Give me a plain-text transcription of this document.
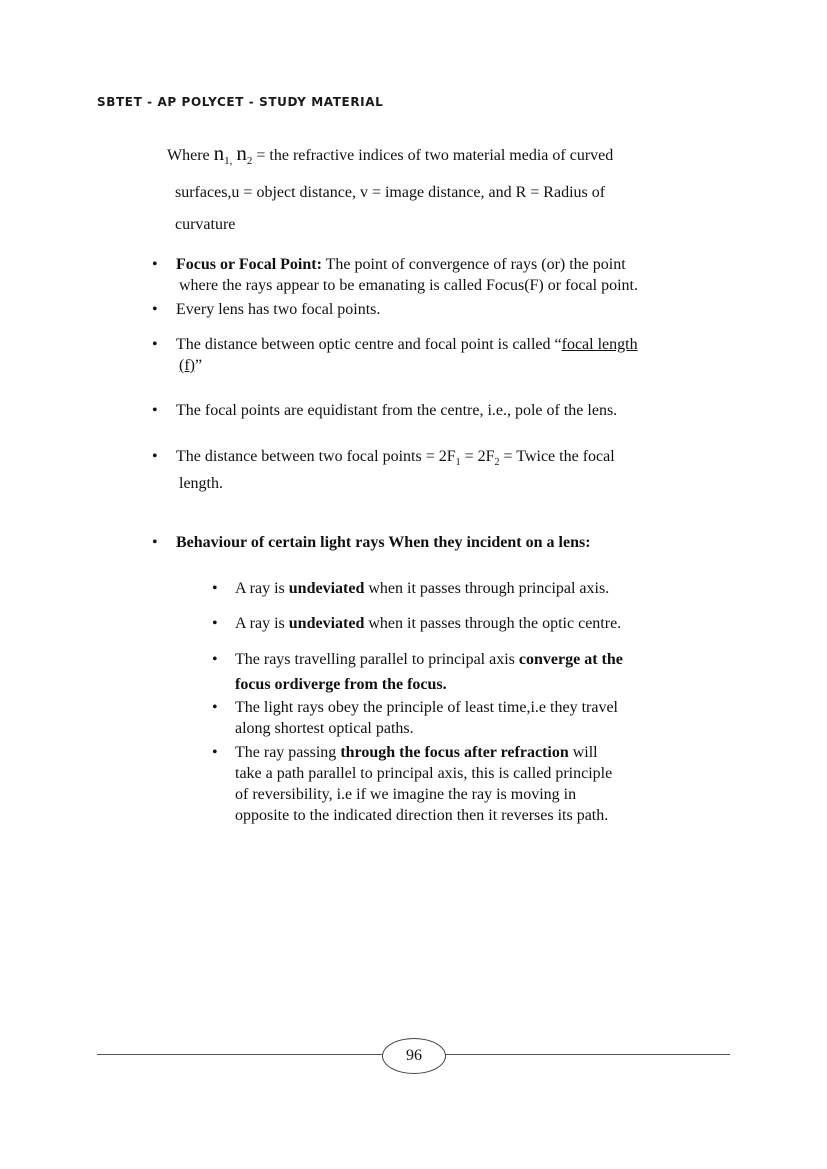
SBTET - AP POLYCET - STUDY MATERIAL
Where $n_{1,}$ $n_2$ = the refractive indices of two material media of curved
surfaces,u = object distance, v = image distance, and R = Radius of
curvature
• Focus or Focal Point: The point of convergence of rays (or) the point
where the rays appear to be emanating is called Focus(F) or focal point.
• Every lens has two focal points.
• The distance between optic centre and focal point is called “focal length
(f)”
• The focal points are equidistant from the centre, i.e., pole of the lens.
• The distance between two focal points = $2F_1 = 2F_2$ = Twice the focal
length.
• Behaviour of certain light rays When they incident on a lens:
• A ray is undeviated when it passes through principal axis.
• A ray is undeviated when it passes through the optic centre.
• The rays travelling parallel to principal axis converge at the
focus ordiverge from the focus.
• The light rays obey the principle of least time,i.e they travel
along shortest optical paths.
• The ray passing through the focus after refraction will
take a path parallel to principal axis, this is called principle
of reversibility, i.e if we imagine the ray is moving in
opposite to the indicated direction then it reverses its path.
96
